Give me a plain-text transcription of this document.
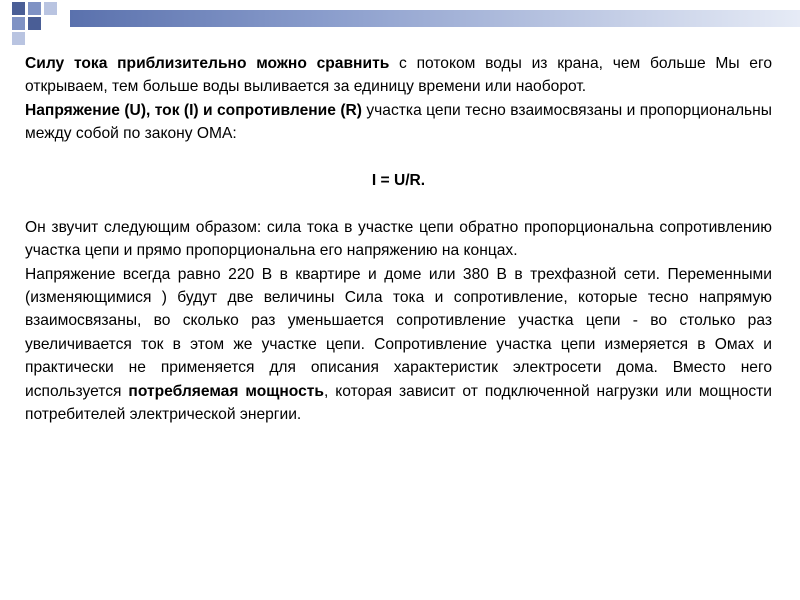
Силу тока приблизительно можно сравнить с потоком воды из крана, чем больше Мы его открываем, тем больше воды выливается за единицу времени или наоборот.

Напряжение (U), ток (I) и сопротивление (R) участка цепи тесно взаимосвязаны и пропорциональны между собой по закону ОМА:

I = U/R.

Он звучит следующим образом: сила тока в участке цепи обратно пропорциональна сопротивлению участка цепи и прямо пропорциональна его напряжению на концах.

Напряжение всегда равно 220 В в квартире и доме или 380 В в трехфазной сети. Переменными (изменяющимися ) будут две величины Сила тока и сопротивление, которые тесно напрямую взаимосвязаны, во сколько раз уменьшается сопротивление участка цепи - во столько раз увеличивается ток в этом же участке цепи. Сопротивление участка цепи измеряется в Омах и практически не применяется для описания характеристик электросети дома. Вместо него используется потребляемая мощность, которая зависит от подключенной нагрузки или мощности потребителей электрической энергии.
